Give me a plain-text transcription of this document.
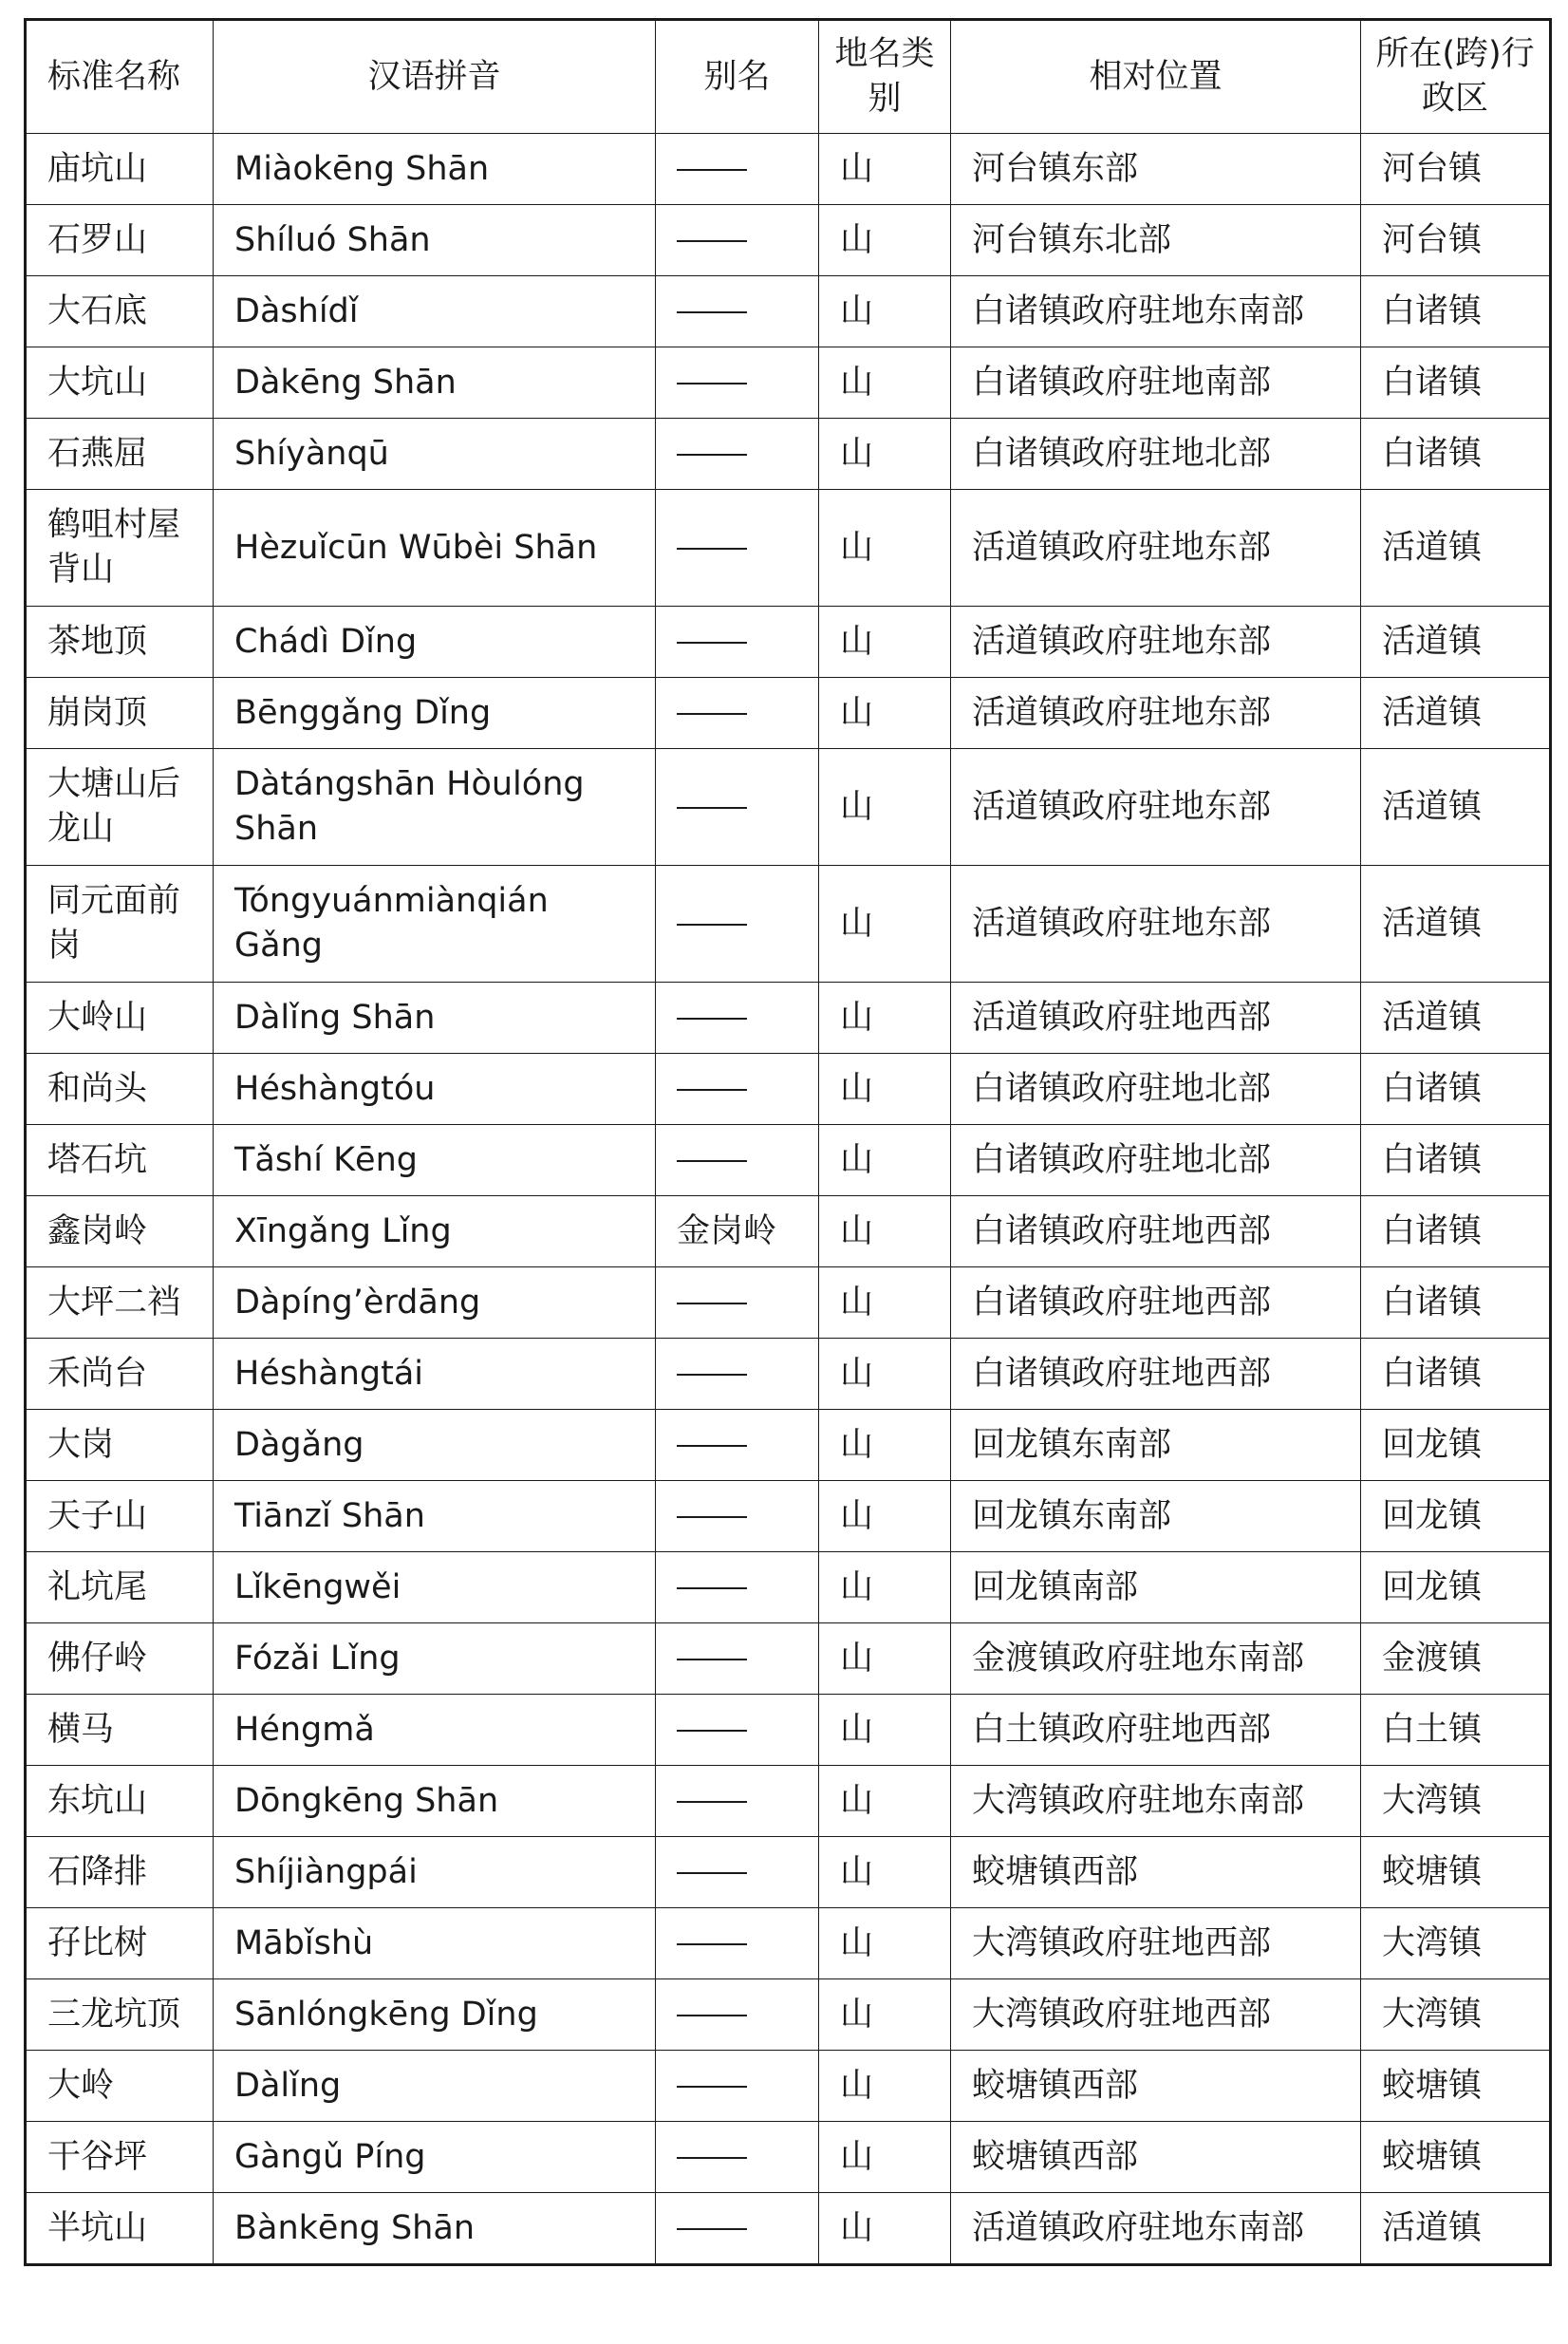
标准名称	汉语拼音	别名	地名类别	相对位置	所在(跨)行政区
庙坑山	Miàokēng Shān		山	河台镇东部	河台镇
石罗山	Shíluó Shān		山	河台镇东北部	河台镇
大石底	Dàshídǐ		山	白诸镇政府驻地东南部	白诸镇
大坑山	Dàkēng Shān		山	白诸镇政府驻地南部	白诸镇
石燕屈	Shíyànqū		山	白诸镇政府驻地北部	白诸镇
鹤咀村屋背山	Hèzuǐcūn Wūbèi Shān		山	活道镇政府驻地东部	活道镇
茶地顶	Chádì Dǐng		山	活道镇政府驻地东部	活道镇
崩岗顶	Bēnggǎng Dǐng		山	活道镇政府驻地东部	活道镇
大塘山后龙山	Dàtángshān Hòulóng Shān		山	活道镇政府驻地东部	活道镇
同元面前岗	Tóngyuánmiànqián Gǎng		山	活道镇政府驻地东部	活道镇
大岭山	Dàlǐng Shān		山	活道镇政府驻地西部	活道镇
和尚头	Héshàngtóu		山	白诸镇政府驻地北部	白诸镇
塔石坑	Tǎshí Kēng		山	白诸镇政府驻地北部	白诸镇
鑫岗岭	Xīngǎng Lǐng	金岗岭	山	白诸镇政府驻地西部	白诸镇
大坪二裆	Dàpíng’èrdāng		山	白诸镇政府驻地西部	白诸镇
禾尚台	Héshàngtái		山	白诸镇政府驻地西部	白诸镇
大岗	Dàgǎng		山	回龙镇东南部	回龙镇
天子山	Tiānzǐ Shān		山	回龙镇东南部	回龙镇
礼坑尾	Lǐkēngwěi		山	回龙镇南部	回龙镇
佛仔岭	Fózǎi Lǐng		山	金渡镇政府驻地东南部	金渡镇
横马	Héngmǎ		山	白土镇政府驻地西部	白土镇
东坑山	Dōngkēng Shān		山	大湾镇政府驻地东南部	大湾镇
石降排	Shíjiàngpái		山	蛟塘镇西部	蛟塘镇
孖比树	Mābǐshù		山	大湾镇政府驻地西部	大湾镇
三龙坑顶	Sānlóngkēng Dǐng		山	大湾镇政府驻地西部	大湾镇
大岭	Dàlǐng		山	蛟塘镇西部	蛟塘镇
干谷坪	Gàngǔ Píng		山	蛟塘镇西部	蛟塘镇
半坑山	Bànkēng Shān		山	活道镇政府驻地东南部	活道镇
